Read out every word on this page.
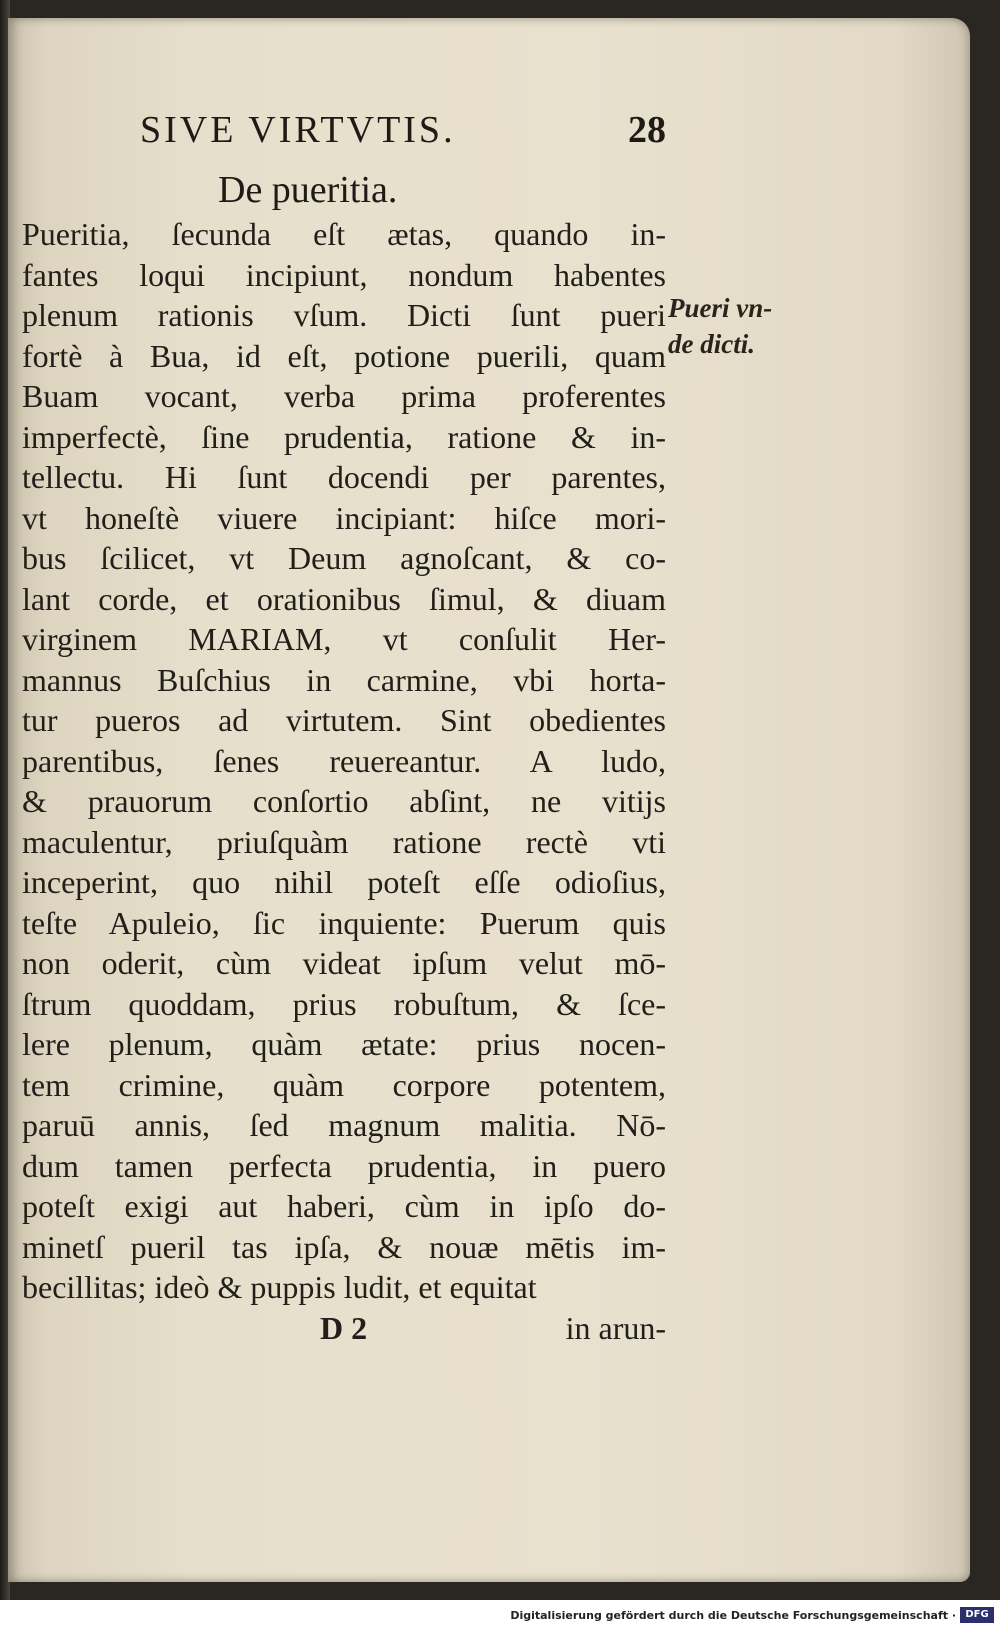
SIVE VIRTVTIS.	28
De pueritia.
Pueritia, ſecunda eſt ætas, quando in-
fantes loqui incipiunt, nondum habentes
plenum rationis vſum. Dicti ſunt pueri
fortè à Bua, id eſt, potione puerili, quam
Buam vocant, verba prima proferentes
imperfectè, ſine prudentia, ratione & in-
tellectu. Hi ſunt docendi per parentes,
vt honeſtè viuere incipiant: hiſce mori-
bus ſcilicet, vt Deum agnoſcant, & co-
lant corde, et orationibus ſimul, & diuam
virginem MARIAM, vt conſulit Her-
mannus Buſchius in carmine, vbi horta-
tur pueros ad virtutem. Sint obedientes
parentibus, ſenes reuereantur. A ludo,
& prauorum conſortio abſint, ne vitijs
maculentur, priuſquàm ratione rectè vti
inceperint, quo nihil poteſt eſſe odioſius,
teſte Apuleio, ſic inquiente: Puerum quis
non oderit, cùm videat ipſum velut mō-
ſtrum quoddam, prius robuſtum, & ſce-
lere plenum, quàm ætate: prius nocen-
tem crimine, quàm corpore potentem,
paruū annis, ſed magnum malitia. Nō-
dum tamen perfecta prudentia, in puero
poteſt exigi aut haberi, cùm in ipſo do-
minetſ pueril tas ipſa, & nouæ mētis im-
becillitas; ideò & puppis ludit, et equitat
Pueri vn-
de dicti.
D 2	in arun-
Digitalisierung gefördert durch die Deutsche Forschungsgemeinschaft · DFG
